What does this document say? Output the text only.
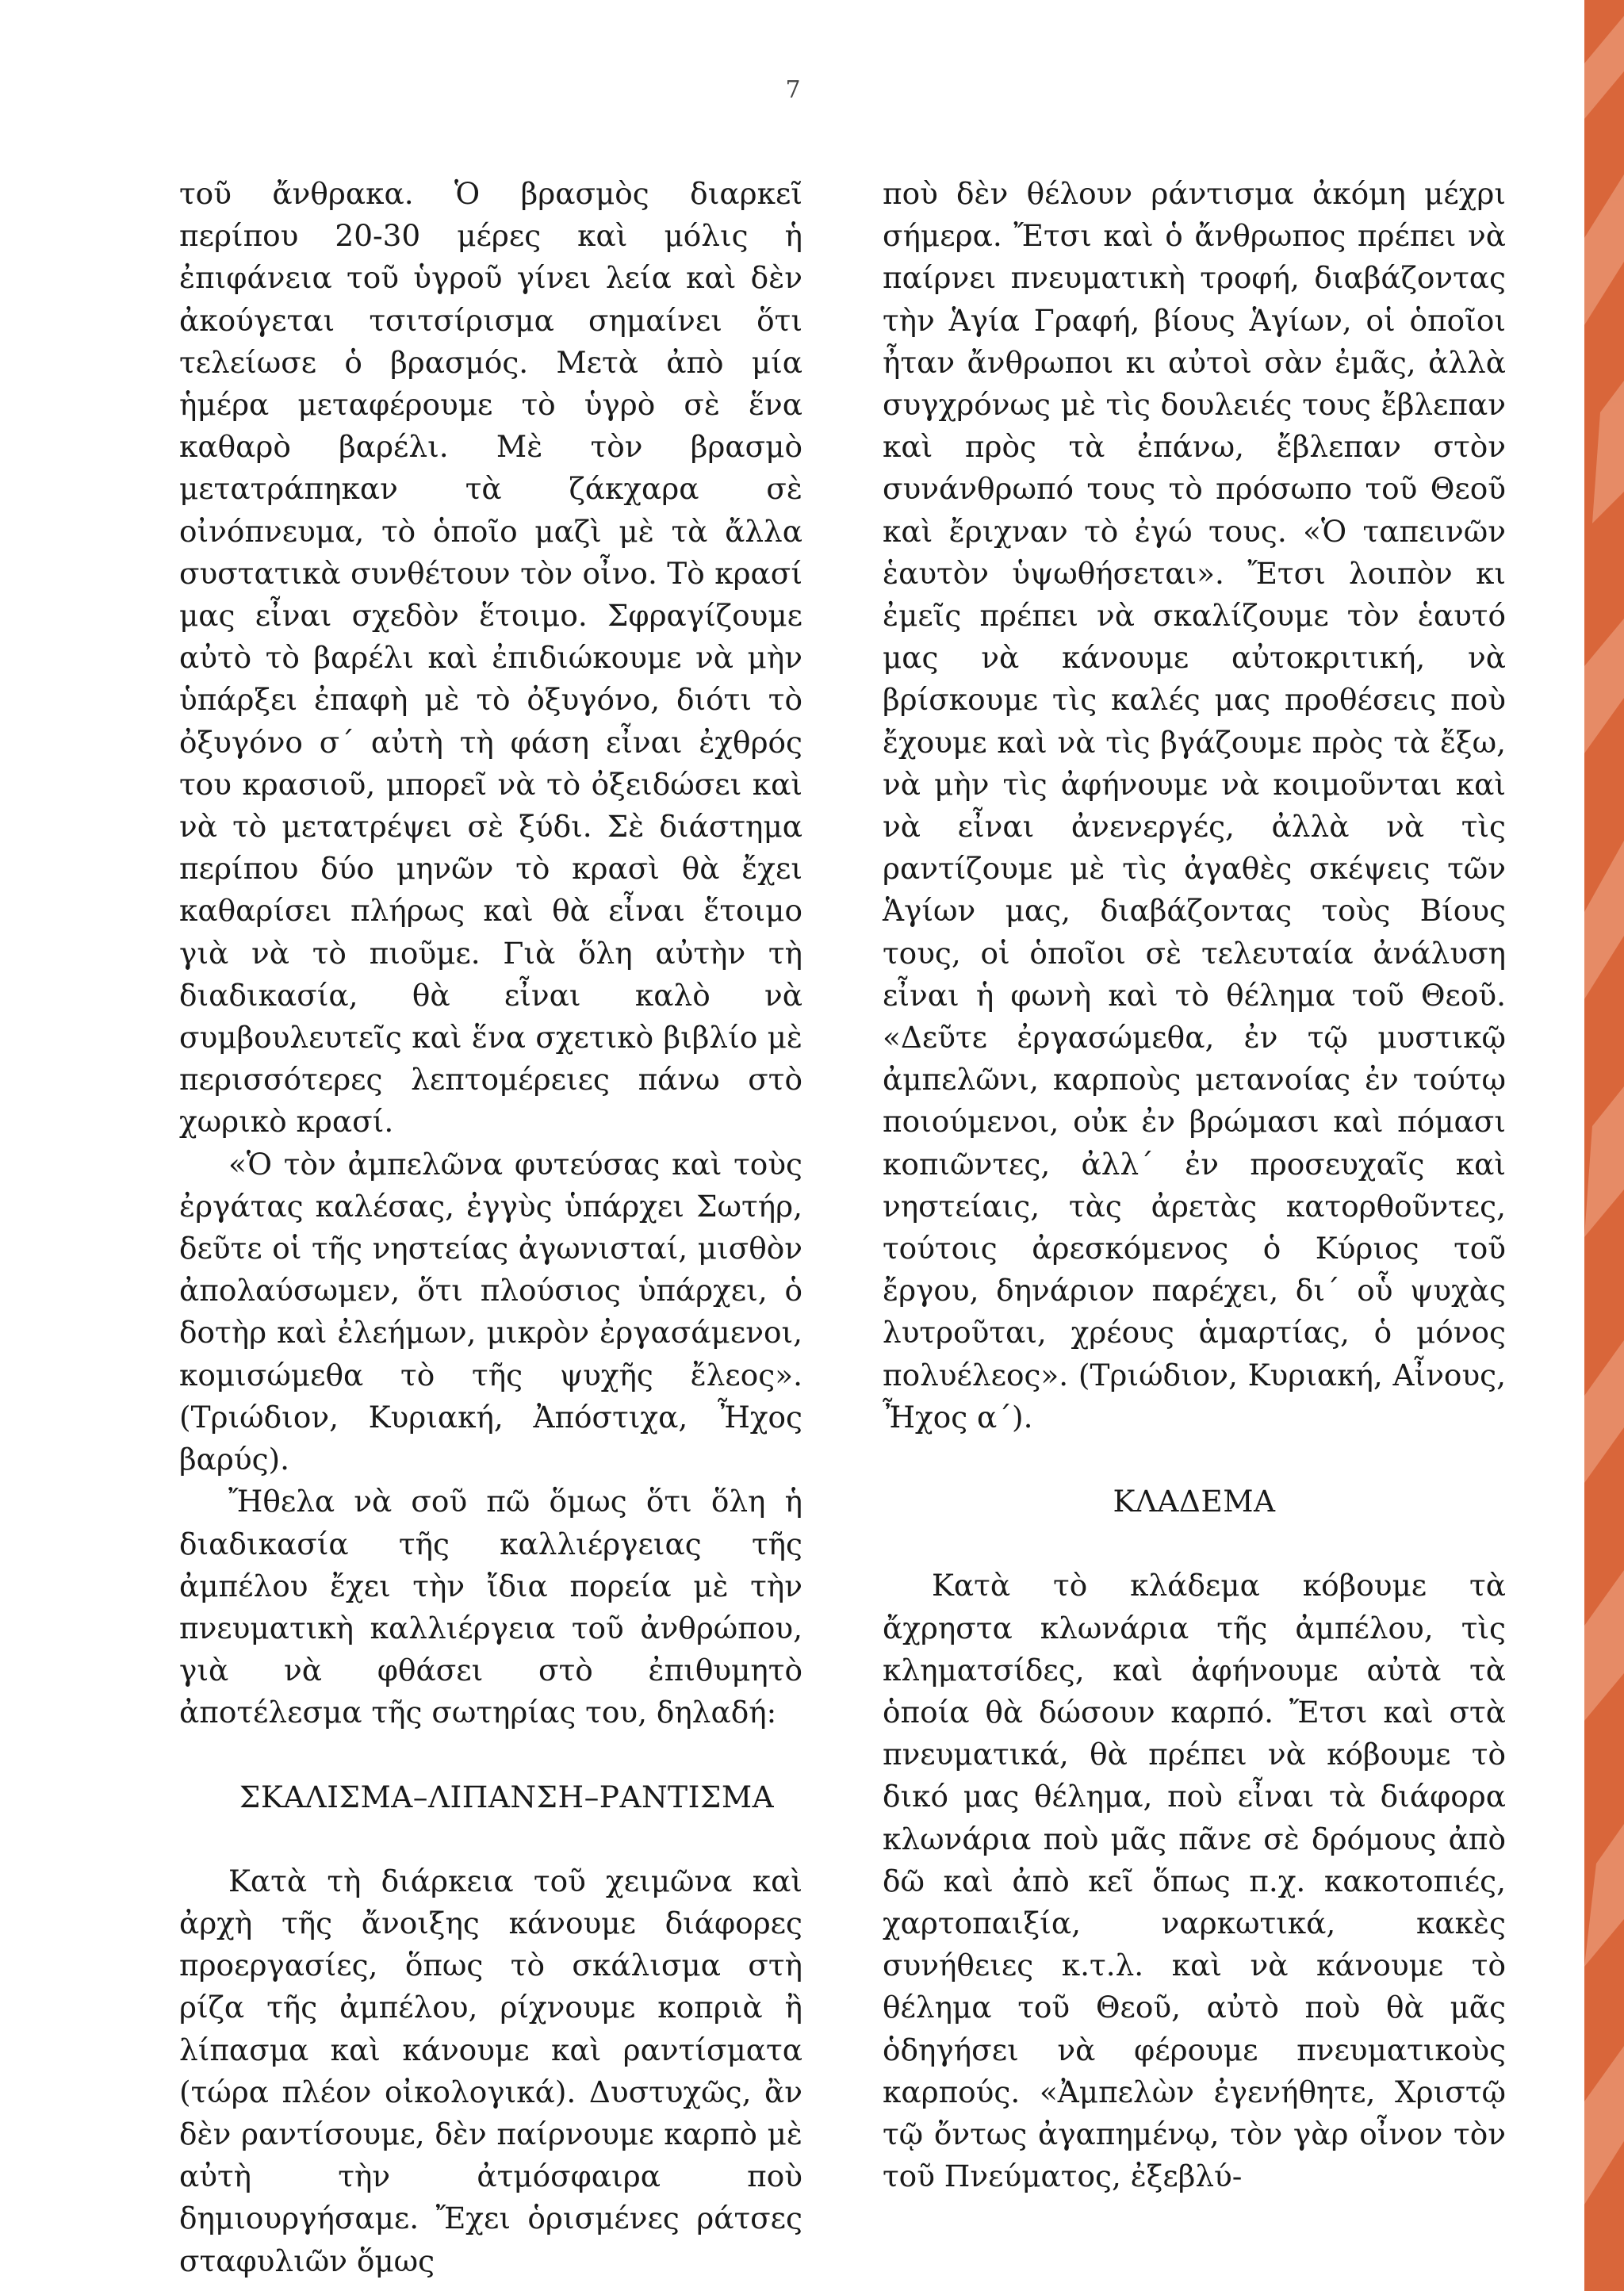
7

τοῦ ἄνθρακα. Ὁ βρασμὸς διαρκεῖ περίπου 20-30 μέρες καὶ μόλις ἡ ἐπιφάνεια τοῦ ὑγροῦ γίνει λεία καὶ δὲν ἀκούγεται τσιτσίρισμα σημαίνει ὅτι τελείωσε ὁ βρασμός. Μετὰ ἀπὸ μία ἡμέρα μεταφέρουμε τὸ ὑγρὸ σὲ ἕνα καθαρὸ βαρέλι. Μὲ τὸν βρασμὸ μετατράπηκαν τὰ ζάκχαρα σὲ οἰνόπνευμα, τὸ ὁποῖο μαζὶ μὲ τὰ ἄλλα συστατικὰ συνθέτουν τὸν οἶνο. Τὸ κρασί μας εἶναι σχεδὸν ἕτοιμο. Σφραγίζουμε αὐτὸ τὸ βαρέλι καὶ ἐπιδιώκουμε νὰ μὴν ὑπάρξει ἐπαφὴ μὲ τὸ ὀξυγόνο, διότι τὸ ὀξυγόνο σ΄ αὐτὴ τὴ φάση εἶναι ἐχθρός του κρασιοῦ, μπορεῖ νὰ τὸ ὀξειδώσει καὶ νὰ τὸ μετατρέψει σὲ ξύδι. Σὲ διάστημα περίπου δύο μηνῶν τὸ κρασὶ θὰ ἔχει καθαρίσει πλήρως καὶ θὰ εἶναι ἕτοιμο γιὰ νὰ τὸ πιοῦμε. Γιὰ ὅλη αὐτὴν τὴ διαδικασία, θὰ εἶναι καλὸ νὰ συμβουλευτεῖς καὶ ἕνα σχετικὸ βιβλίο μὲ περισσότερες λεπτομέρειες πάνω στὸ χωρικὸ κρασί.

«Ὁ τὸν ἀμπελῶνα φυτεύσας καὶ τοὺς ἐργάτας καλέσας, ἐγγὺς ὑπάρχει Σωτήρ, δεῦτε οἱ τῆς νηστείας ἀγωνισταί, μισθὸν ἀπολαύσωμεν, ὅτι πλούσιος ὑπάρχει, ὁ δοτὴρ καὶ ἐλεήμων, μικρὸν ἐργασάμενοι, κομισώμεθα τὸ τῆς ψυχῆς ἔλεος». (Τριώδιον, Κυριακή, Ἀπόστιχα, Ἦχος βαρύς).

Ἤθελα νὰ σοῦ πῶ ὅμως ὅτι ὅλη ἡ διαδικασία τῆς καλλιέργειας τῆς ἀμπέλου ἔχει τὴν ἴδια πορεία μὲ τὴν πνευματικὴ καλλιέργεια τοῦ ἀνθρώπου, γιὰ νὰ φθάσει στὸ ἐπιθυμητὸ ἀποτέλεσμα τῆς σωτηρίας του, δηλαδή:

ΣΚΑΛΙΣΜΑ–ΛΙΠΑΝΣΗ–ΡΑΝΤΙΣΜΑ

Κατὰ τὴ διάρκεια τοῦ χειμῶνα καὶ ἀρχὴ τῆς ἄνοιξης κάνουμε διάφορες προεργασίες, ὅπως τὸ σκάλισμα στὴ ρίζα τῆς ἀμπέλου, ρίχνουμε κοπριὰ ἢ λίπασμα καὶ κάνουμε καὶ ραντίσματα (τώρα πλέον οἰκολογικά). Δυστυχῶς, ἂν δὲν ραντίσουμε, δὲν παίρνουμε καρπὸ μὲ αὐτὴ τὴν ἀτμόσφαιρα ποὺ δημιουργήσαμε. Ἔχει ὁρισμένες ράτσες σταφυλιῶν ὅμως

ποὺ δὲν θέλουν ράντισμα ἀκόμη μέχρι σήμερα. Ἔτσι καὶ ὁ ἄνθρωπος πρέπει νὰ παίρνει πνευματικὴ τροφή, διαβάζοντας τὴν Ἁγία Γραφή, βίους Ἁγίων, οἱ ὁποῖοι ἦταν ἄνθρωποι κι αὐτοὶ σὰν ἐμᾶς, ἀλλὰ συγχρόνως μὲ τὶς δουλειές τους ἔβλεπαν καὶ πρὸς τὰ ἐπάνω, ἔβλεπαν στὸν συνάνθρωπό τους τὸ πρόσωπο τοῦ Θεοῦ καὶ ἔριχναν τὸ ἐγώ τους. «Ὁ ταπεινῶν ἑαυτὸν ὑψωθήσεται». Ἔτσι λοιπὸν κι ἐμεῖς πρέπει νὰ σκαλίζουμε τὸν ἑαυτό μας νὰ κάνουμε αὐτοκριτική, νὰ βρίσκουμε τὶς καλές μας προθέσεις ποὺ ἔχουμε καὶ νὰ τὶς βγάζουμε πρὸς τὰ ἔξω, νὰ μὴν τὶς ἀφήνουμε νὰ κοιμοῦνται καὶ νὰ εἶναι ἀνενεργές, ἀλλὰ νὰ τὶς ραντίζουμε μὲ τὶς ἀγαθὲς σκέψεις τῶν Ἁγίων μας, διαβάζοντας τοὺς Βίους τους, οἱ ὁποῖοι σὲ τελευταία ἀνάλυση εἶναι ἡ φωνὴ καὶ τὸ θέλημα τοῦ Θεοῦ. «Δεῦτε ἐργασώμεθα, ἐν τῷ μυστικῷ ἀμπελῶνι, καρποὺς μετανοίας ἐν τούτῳ ποιούμενοι, οὐκ ἐν βρώμασι καὶ πόμασι κοπιῶντες, ἀλλ΄ ἐν προσευχαῖς καὶ νηστείαις, τὰς ἀρετὰς κατορθοῦντες, τούτοις ἀρεσκόμενος ὁ Κύριος τοῦ ἔργου, δηνάριον παρέχει, δι΄ οὗ ψυχὰς λυτροῦται, χρέους ἁμαρτίας, ὁ μόνος πολυέλεος». (Τριώδιον, Κυριακή, Αἶνους, Ἦχος α΄).

ΚΛΑΔΕΜΑ

Κατὰ τὸ κλάδεμα κόβουμε τὰ ἄχρηστα κλωνάρια τῆς ἀμπέλου, τὶς κληματσίδες, καὶ ἀφήνουμε αὐτὰ τὰ ὁποία θὰ δώσουν καρπό. Ἔτσι καὶ στὰ πνευματικά, θὰ πρέπει νὰ κόβουμε τὸ δικό μας θέλημα, ποὺ εἶναι τὰ διάφορα κλωνάρια ποὺ μᾶς πᾶνε σὲ δρόμους ἀπὸ δῶ καὶ ἀπὸ κεῖ ὅπως π.χ. κακοτοπιές, χαρτοπαιξία, ναρκωτικά, κακὲς συνήθειες κ.τ.λ. καὶ νὰ κάνουμε τὸ θέλημα τοῦ Θεοῦ, αὐτὸ ποὺ θὰ μᾶς ὁδηγήσει νὰ φέρουμε πνευματικοὺς καρπούς. «Ἀμπελὼν ἐγενήθητε, Χριστῷ τῷ ὄντως ἀγαπημένῳ, τὸν γὰρ οἶνον τὸν τοῦ Πνεύματος, ἐξεβλύ-
